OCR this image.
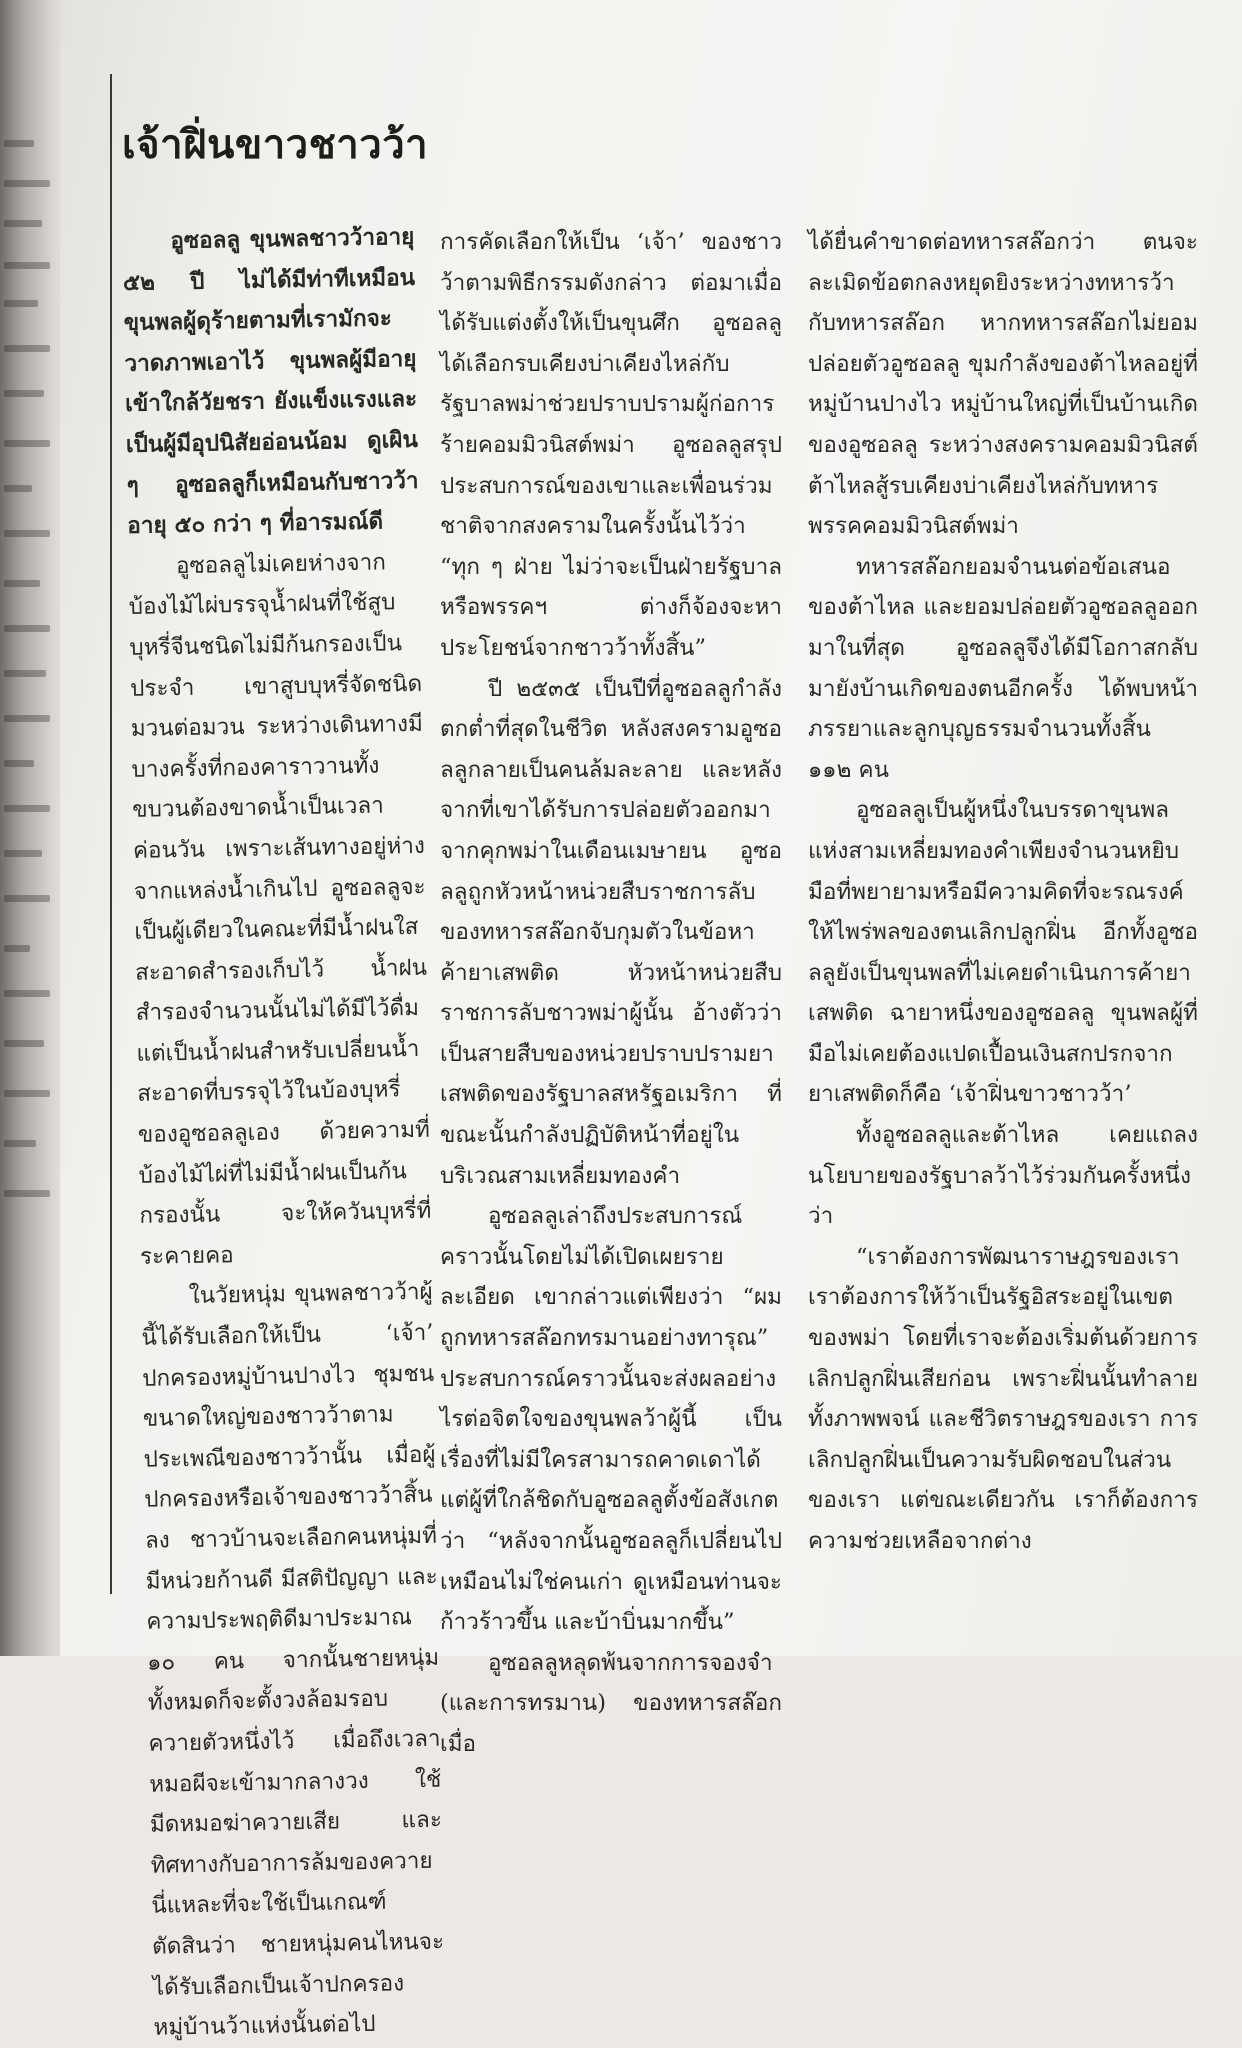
เจ้าฝิ่นขาวชาวว้า

อูซอลลู ขุนพลชาวว้าอายุ ๕๒ ปี ไม่ได้มีท่าทีเหมือนขุนพลผู้ดุร้ายตามที่เรามักจะวาดภาพเอาไว้ ขุนพลผู้มีอายุเข้าใกล้วัยชรา ยังแข็งแรงและเป็นผู้มีอุปนิสัยอ่อนน้อม ดูเผิน ๆ อูซอลลูก็เหมือนกับชาวว้าอายุ ๕๐ กว่า ๆ ที่อารมณ์ดี

อูซอลลูไม่เคยห่างจากบ้องไม้ไผ่บรรจุน้ำฝนที่ใช้สูบบุหรี่จีนชนิดไม่มีก้นกรองเป็นประจำ เขาสูบบุหรี่จัดชนิดมวนต่อมวน ระหว่างเดินทางมีบางครั้งที่กองคาราวานทั้งขบวนต้องขาดน้ำเป็นเวลาค่อนวัน เพราะเส้นทางอยู่ห่างจากแหล่งน้ำเกินไป อูซอลลูจะเป็นผู้เดียวในคณะที่มีน้ำฝนใสสะอาดสำรองเก็บไว้ น้ำฝนสำรองจำนวนนั้นไม่ได้มีไว้ดื่ม แต่เป็นน้ำฝนสำหรับเปลี่ยนน้ำสะอาดที่บรรจุไว้ในบ้องบุหรี่ของอูซอลลูเอง ด้วยความที่บ้องไม้ไผ่ที่ไม่มีน้ำฝนเป็นก้นกรองนั้น จะให้ควันบุหรี่ที่ระคายคอ

ในวัยหนุ่ม ขุนพลชาวว้าผู้นี้ได้รับเลือกให้เป็น ‘เจ้า’ ปกครองหมู่บ้านปางไว ชุมชนขนาดใหญ่ของชาวว้าตามประเพณีของชาวว้านั้น เมื่อผู้ปกครองหรือเจ้าของชาวว้าสิ้นลง ชาวบ้านจะเลือกคนหนุ่มที่มีหน่วยก้านดี มีสติปัญญา และความประพฤติดีมาประมาณ ๑๐ คน จากนั้นชายหนุ่มทั้งหมดก็จะตั้งวงล้อมรอบควายตัวหนึ่งไว้ เมื่อถึงเวลาหมอผีจะเข้ามากลางวง ใช้มีดหมอฆ่าควายเสีย และทิศทางกับอาการล้มของควายนี่แหละที่จะใช้เป็นเกณฑ์ตัดสินว่า ชายหนุ่มคนไหนจะได้รับเลือกเป็นเจ้าปกครองหมู่บ้านว้าแห่งนั้นต่อไป

การคัดเลือกให้เป็น ‘เจ้า’ ของชาวว้าตามพิธีกรรมดังกล่าว ต่อมาเมื่อได้รับแต่งตั้งให้เป็นขุนศึก อูซอลลูได้เลือกรบเคียงบ่าเคียงไหล่กับรัฐบาลพม่าช่วยปราบปรามผู้ก่อการร้ายคอมมิวนิสต์พม่า อูซอลลูสรุปประสบการณ์ของเขาและเพื่อนร่วมชาติจากสงครามในครั้งนั้นไว้ว่า “ทุก ๆ ฝ่าย ไม่ว่าจะเป็นฝ่ายรัฐบาลหรือพรรคฯ ต่างก็จ้องจะหาประโยชน์จากชาวว้าทั้งสิ้น”

ปี ๒๕๓๕ เป็นปีที่อูซอลลูกำลังตกต่ำที่สุดในชีวิต หลังสงครามอูซอลลูกลายเป็นคนล้มละลาย และหลังจากที่เขาได้รับการปล่อยตัวออกมาจากคุกพม่าในเดือนเมษายน อูซอลลูถูกหัวหน้าหน่วยสืบราชการลับของทหารสล๊อกจับกุมตัวในข้อหาค้ายาเสพติด หัวหน้าหน่วยสืบราชการลับชาวพม่าผู้นั้น อ้างตัวว่าเป็นสายสืบของหน่วยปราบปรามยาเสพติดของรัฐบาลสหรัฐอเมริกา ที่ขณะนั้นกำลังปฏิบัติหน้าที่อยู่ในบริเวณสามเหลี่ยมทองคำ

อูซอลลูเล่าถึงประสบการณ์คราวนั้นโดยไม่ได้เปิดเผยรายละเอียด เขากล่าวแต่เพียงว่า “ผมถูกทหารสล๊อกทรมานอย่างทารุณ” ประสบการณ์คราวนั้นจะส่งผลอย่างไรต่อจิตใจของขุนพลว้าผู้นี้ เป็นเรื่องที่ไม่มีใครสามารถคาดเดาได้ แต่ผู้ที่ใกล้ชิดกับอูซอลลูตั้งข้อสังเกตว่า “หลังจากนั้นอูซอลลูก็เปลี่ยนไปเหมือนไม่ใช่คนเก่า ดูเหมือนท่านจะก้าวร้าวขึ้น และบ้าบิ่นมากขึ้น”

อูซอลลูหลุดพ้นจากการจองจำ (และการทรมาน) ของทหารสล๊อก เมื่อ

ได้ยื่นคำขาดต่อทหารสล๊อกว่า ตนจะละเมิดข้อตกลงหยุดยิงระหว่างทหารว้ากับทหารสล๊อก หากทหารสล๊อกไม่ยอมปล่อยตัวอูซอลลู ขุมกำลังของต้าไหลอยู่ที่หมู่บ้านปางไว หมู่บ้านใหญ่ที่เป็นบ้านเกิดของอูซอลลู ระหว่างสงครามคอมมิวนิสต์ ต้าไหลสู้รบเคียงบ่าเคียงไหล่กับทหารพรรคคอมมิวนิสต์พม่า

ทหารสล๊อกยอมจำนนต่อข้อเสนอของต้าไหล และยอมปล่อยตัวอูซอลลูออกมาในที่สุด อูซอลลูจึงได้มีโอกาสกลับมายังบ้านเกิดของตนอีกครั้ง ได้พบหน้าภรรยาและลูกบุญธรรมจำนวนทั้งสิ้น ๑๑๒ คน

อูซอลลูเป็นผู้หนึ่งในบรรดาขุนพลแห่งสามเหลี่ยมทองคำเพียงจำนวนหยิบมือที่พยายามหรือมีความคิดที่จะรณรงค์ให้ไพร่พลของตนเลิกปลูกฝิ่น อีกทั้งอูซอลลูยังเป็นขุนพลที่ไม่เคยดำเนินการค้ายาเสพติด ฉายาหนึ่งของอูซอลลู ขุนพลผู้ที่มือไม่เคยต้องแปดเปื้อนเงินสกปรกจากยาเสพติดก็คือ ‘เจ้าฝิ่นขาวชาวว้า’

ทั้งอูซอลลูและต้าไหล เคยแถลงนโยบายของรัฐบาลว้าไว้ร่วมกันครั้งหนึ่งว่า

“เราต้องการพัฒนาราษฎรของเรา เราต้องการให้ว้าเป็นรัฐอิสระอยู่ในเขตของพม่า โดยที่เราจะต้องเริ่มต้นด้วยการเลิกปลูกฝิ่นเสียก่อน เพราะฝิ่นนั้นทำลายทั้งภาพพจน์ และชีวิตราษฎรของเรา การเลิกปลูกฝิ่นเป็นความรับผิดชอบในส่วนของเรา แต่ขณะเดียวกัน เราก็ต้องการความช่วยเหลือจากต่าง
